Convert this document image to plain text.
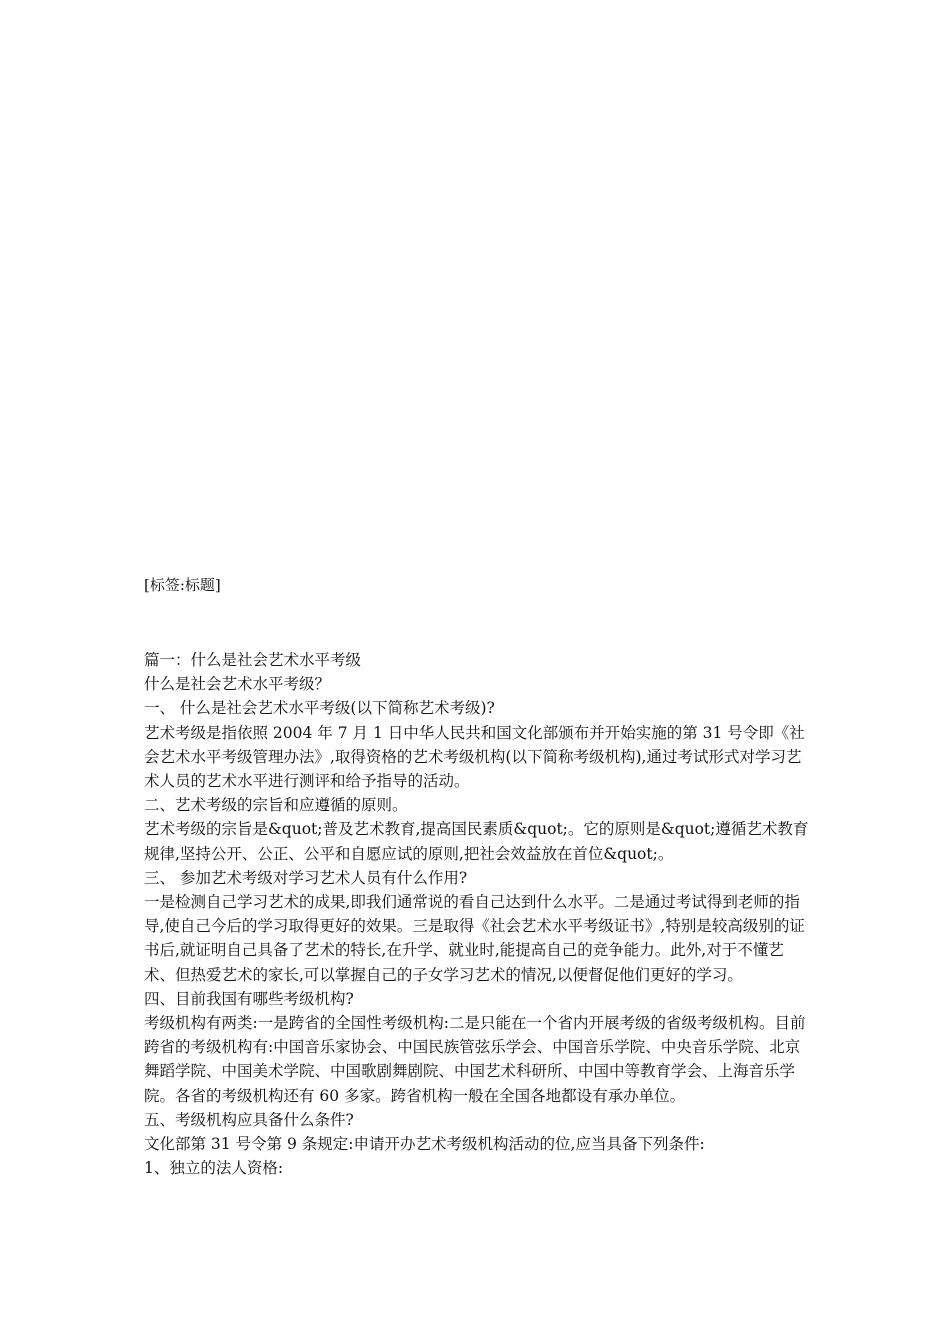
[标签:标题]

篇一：什么是社会艺术水平考级

什么是社会艺术水平考级？

一、 什么是社会艺术水平考级(以下简称艺术考级)?

艺术考级是指依照 2004 年 7 月 1 日中华人民共和国文化部颁布并开始实施的第 31 号令即《社会艺术水平考级管理办法》,取得资格的艺术考级机构(以下简称考级机构),通过考试形式对学习艺术人员的艺术水平进行测评和给予指导的活动。

二、艺术考级的宗旨和应遵循的原则。

艺术考级的宗旨是&quot;普及艺术教育,提高国民素质&quot;。它的原则是&quot;遵循艺术教育规律,坚持公开、公正、公平和自愿应试的原则,把社会效益放在首位&quot;。

三、 参加艺术考级对学习艺术人员有什么作用?

一是检测自己学习艺术的成果,即我们通常说的看自己达到什么水平。二是通过考试得到老师的指导,使自己今后的学习取得更好的效果。三是取得《社会艺术水平考级证书》,特别是较高级别的证书后,就证明自己具备了艺术的特长,在升学、就业时,能提高自己的竞争能力。此外,对于不懂艺术、但热爱艺术的家长,可以掌握自己的子女学习艺术的情况,以便督促他们更好的学习。

四、目前我国有哪些考级机构?

考级机构有两类:一是跨省的全国性考级机构:二是只能在一个省内开展考级的省级考级机构。目前跨省的考级机构有:中国音乐家协会、中国民族管弦乐学会、中国音乐学院、中央音乐学院、北京舞蹈学院、中国美术学院、中国歌剧舞剧院、中国艺术科研所、中国中等教育学会、上海音乐学院。各省的考级机构还有 60 多家。跨省机构一般在全国各地都设有承办单位。

五、考级机构应具备什么条件?

文化部第 31 号令第 9 条规定:申请开办艺术考级机构活动的位,应当具备下列条件:

1、独立的法人资格:
